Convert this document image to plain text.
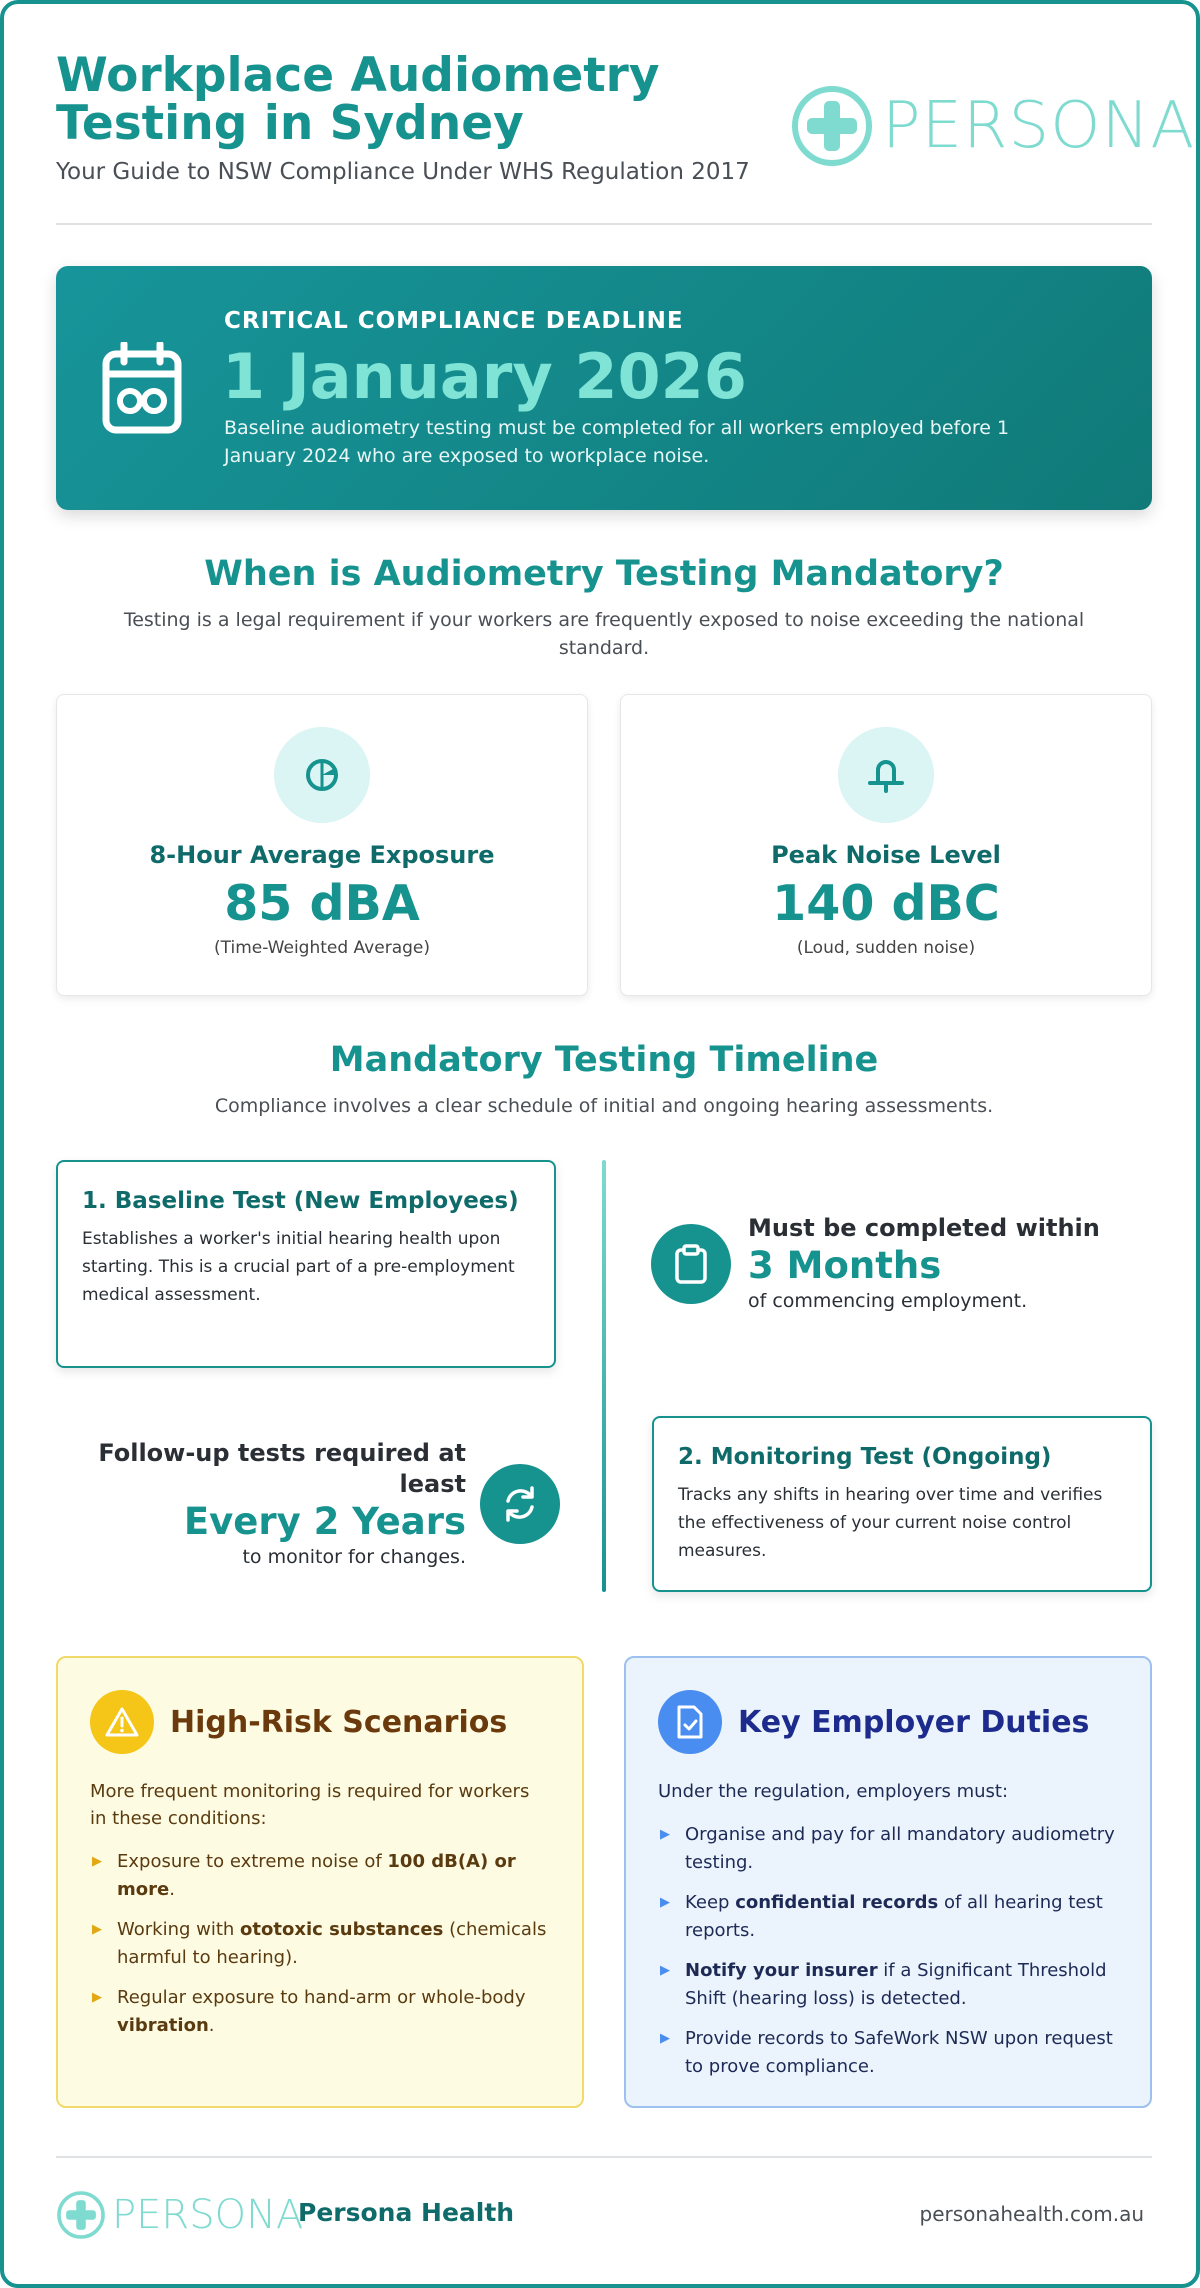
Workplace Audiometry Testing in Sydney
Your Guide to NSW Compliance Under WHS Regulation 2017
PERSONA
CRITICAL COMPLIANCE DEADLINE
1 January 2026
Baseline audiometry testing must be completed for all workers employed before 1 January 2024 who are exposed to workplace noise.
When is Audiometry Testing Mandatory?
Testing is a legal requirement if your workers are frequently exposed to noise exceeding the national standard.
8-Hour Average Exposure
85 dBA
(Time-Weighted Average)
Peak Noise Level
140 dBC
(Loud, sudden noise)
Mandatory Testing Timeline
Compliance involves a clear schedule of initial and ongoing hearing assessments.
1. Baseline Test (New Employees)
Establishes a worker's initial hearing health upon starting. This is a crucial part of a pre-employment medical assessment.
Must be completed within
3 Months
of commencing employment.
Follow-up tests required at least
Every 2 Years
to monitor for changes.
2. Monitoring Test (Ongoing)
Tracks any shifts in hearing over time and verifies the effectiveness of your current noise control measures.
High-Risk Scenarios
More frequent monitoring is required for workers in these conditions:
▶ Exposure to extreme noise of 100 dB(A) or more.
▶ Working with ototoxic substances (chemicals harmful to hearing).
▶ Regular exposure to hand-arm or whole-body vibration.
Key Employer Duties
Under the regulation, employers must:
▶ Organise and pay for all mandatory audiometry testing.
▶ Keep confidential records of all hearing test reports.
▶ Notify your insurer if a Significant Threshold Shift (hearing loss) is detected.
▶ Provide records to SafeWork NSW upon request to prove compliance.
PERSONA
Persona Health	personahealth.com.au
